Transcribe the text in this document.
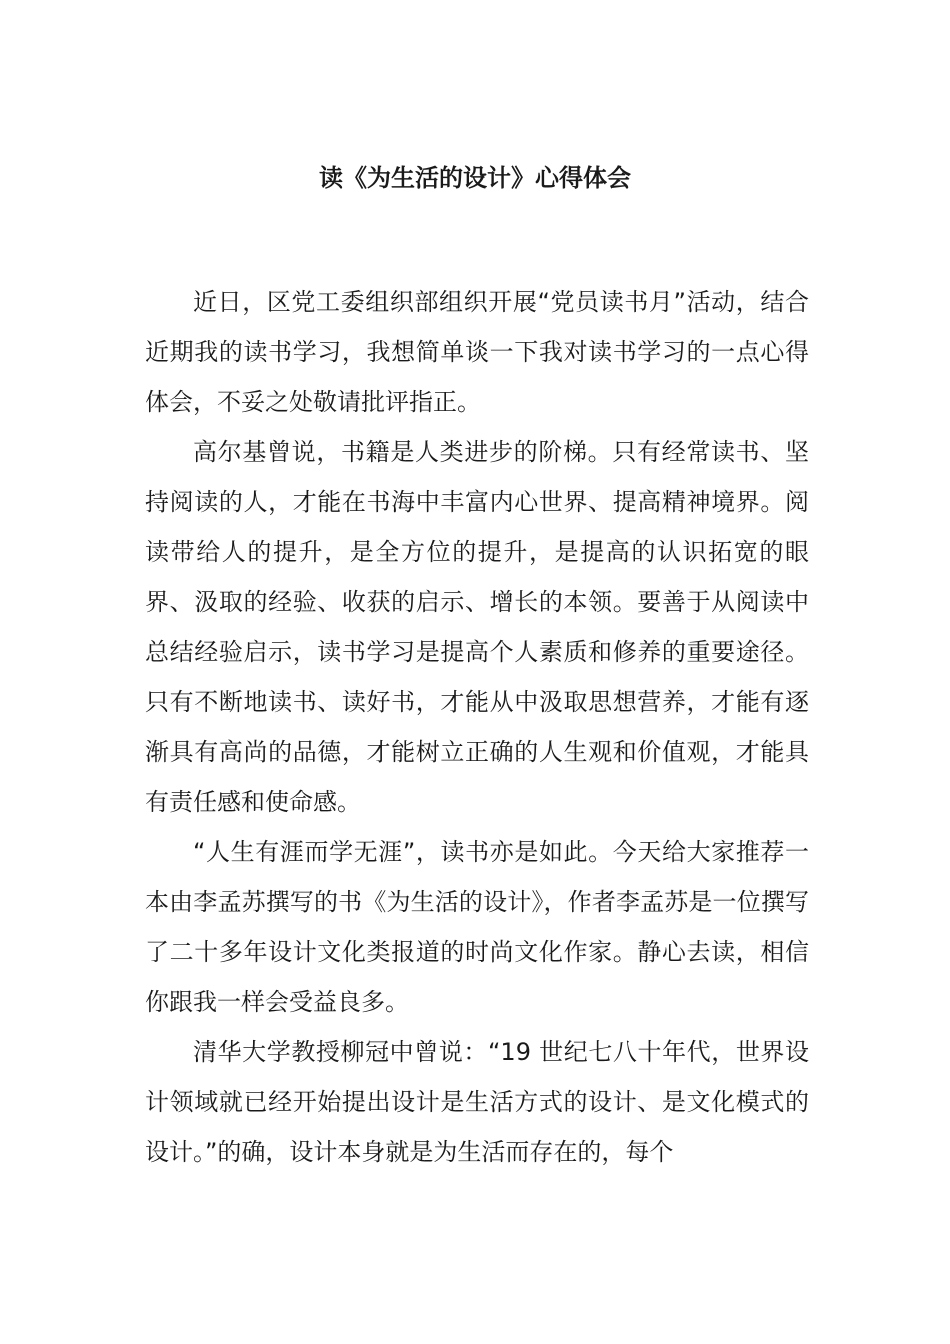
读《为生活的设计》心得体会

近日，区党工委组织部组织开展“党员读书月”活动，结合近期我的读书学习，我想简单谈一下我对读书学习的一点心得体会，不妥之处敬请批评指正。

高尔基曾说，书籍是人类进步的阶梯。只有经常读书、坚持阅读的人，才能在书海中丰富内心世界、提高精神境界。阅读带给人的提升，是全方位的提升，是提高的认识拓宽的眼界、汲取的经验、收获的启示、增长的本领。要善于从阅读中总结经验启示，读书学习是提高个人素质和修养的重要途径。只有不断地读书、读好书，才能从中汲取思想营养，才能有逐渐具有高尚的品德，才能树立正确的人生观和价值观，才能具有责任感和使命感。

“人生有涯而学无涯”，读书亦是如此。今天给大家推荐一本由李孟苏撰写的书《为生活的设计》，作者李孟苏是一位撰写了二十多年设计文化类报道的时尚文化作家。静心去读，相信你跟我一样会受益良多。

清华大学教授柳冠中曾说：“19 世纪七八十年代，世界设计领域就已经开始提出设计是生活方式的设计、是文化模式的设计。”的确，设计本身就是为生活而存在的，每个
